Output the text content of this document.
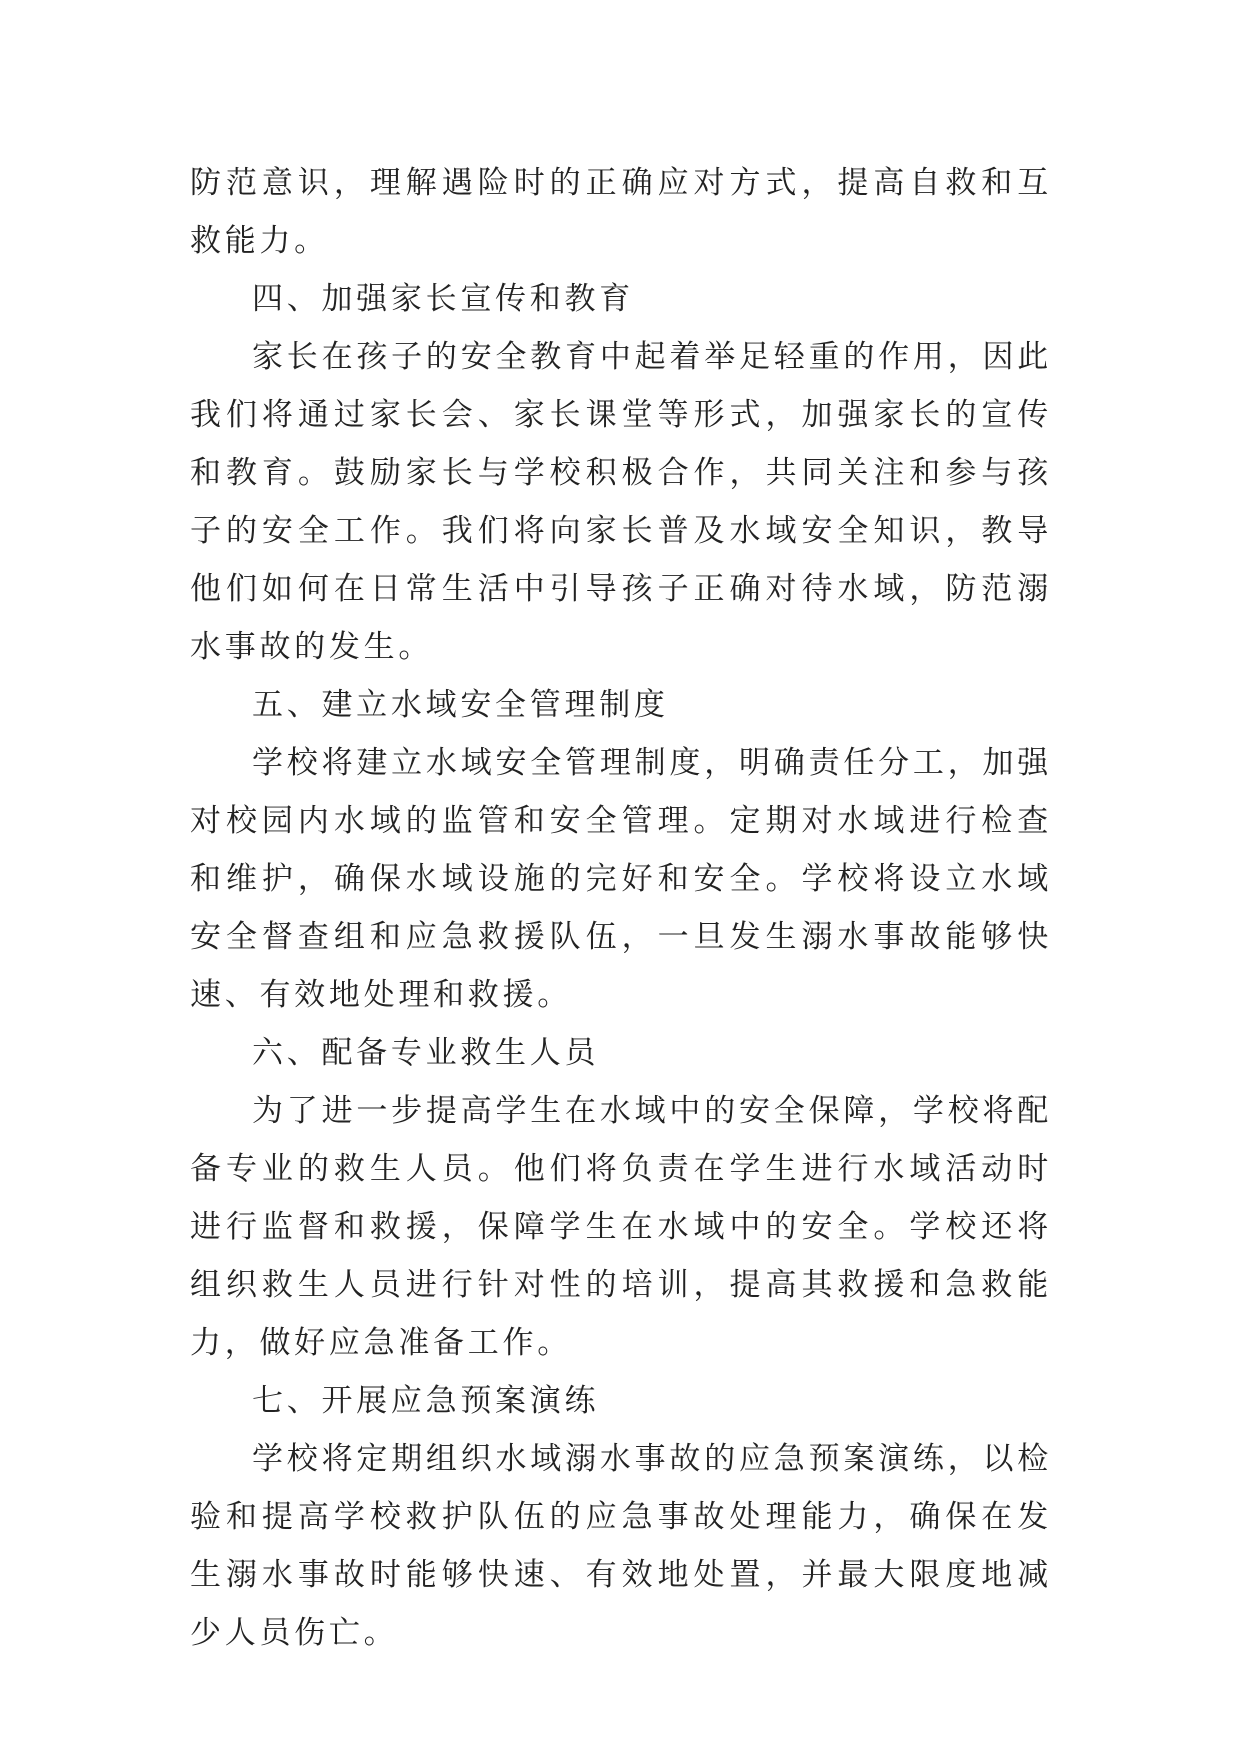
防范意识，理解遇险时的正确应对方式，提高自救和互救能力。

四、加强家长宣传和教育

家长在孩子的安全教育中起着举足轻重的作用，因此我们将通过家长会、家长课堂等形式，加强家长的宣传和教育。鼓励家长与学校积极合作，共同关注和参与孩子的安全工作。我们将向家长普及水域安全知识，教导他们如何在日常生活中引导孩子正确对待水域，防范溺水事故的发生。

五、建立水域安全管理制度

学校将建立水域安全管理制度，明确责任分工，加强对校园内水域的监管和安全管理。定期对水域进行检查和维护，确保水域设施的完好和安全。学校将设立水域安全督查组和应急救援队伍，一旦发生溺水事故能够快速、有效地处理和救援。

六、配备专业救生人员

为了进一步提高学生在水域中的安全保障，学校将配备专业的救生人员。他们将负责在学生进行水域活动时进行监督和救援，保障学生在水域中的安全。学校还将组织救生人员进行针对性的培训，提高其救援和急救能力，做好应急准备工作。

七、开展应急预案演练

学校将定期组织水域溺水事故的应急预案演练，以检验和提高学校救护队伍的应急事故处理能力，确保在发生溺水事故时能够快速、有效地处置，并最大限度地减少人员伤亡。
